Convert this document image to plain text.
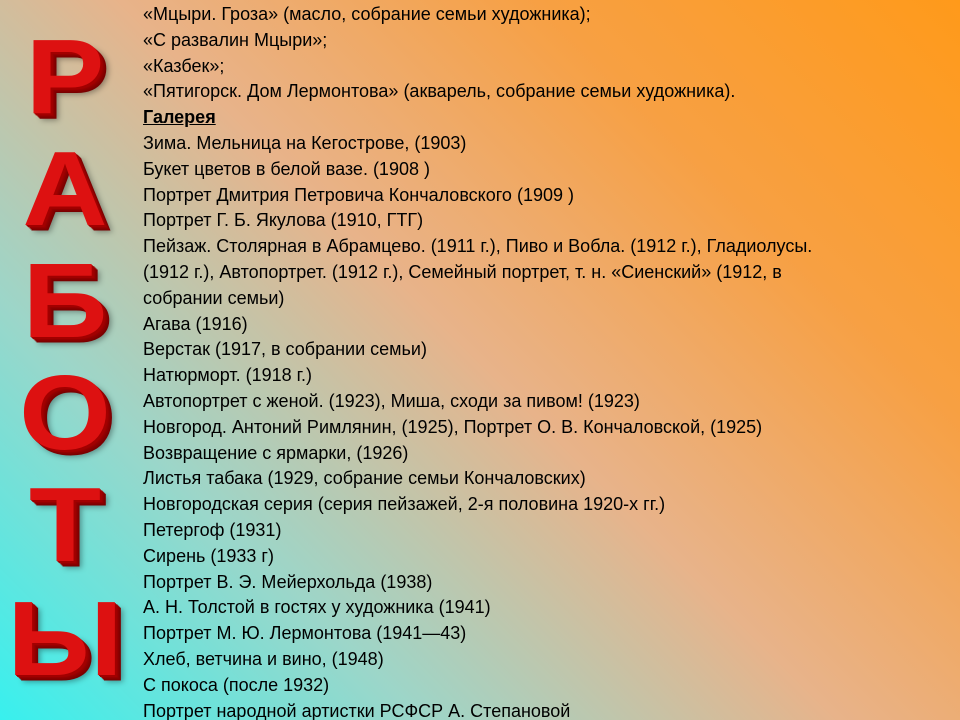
Р
А
Б
О
Т
Ы
«Мцыри. Гроза» (масло, собрание семьи художника);
«С развалин Мцыри»;
«Казбек»;
«Пятигорск. Дом Лермонтова» (акварель, собрание семьи художника).
Галерея
Зима. Мельница на Кегострове, (1903)
Букет цветов в белой вазе. (1908 )
Портрет Дмитрия Петровича Кончаловского (1909 )
Портрет Г. Б. Якулова (1910, ГТГ)
Пейзаж. Столярная в Абрамцево. (1911 г.), Пиво и Вобла. (1912 г.), Гладиолусы.
(1912 г.), Автопортрет. (1912 г.), Семейный портрет, т. н. «Сиенский» (1912, в
собрании семьи)
Агава (1916)
Верстак (1917, в собрании семьи)
Натюрморт. (1918 г.)
Автопортрет с женой. (1923), Миша, сходи за пивом! (1923)
Новгород. Антоний Римлянин, (1925), Портрет О. В. Кончаловской, (1925)
Возвращение с ярмарки, (1926)
Листья табака (1929, собрание семьи Кончаловских)
Новгородская серия (серия пейзажей, 2-я половина 1920-х гг.)
Петергоф (1931)
Сирень (1933 г)
Портрет В. Э. Мейерхольда (1938)
А. Н. Толстой в гостях у художника (1941)
Портрет М. Ю. Лермонтова (1941—43)
Хлеб, ветчина и вино, (1948)
С покоса (после 1932)
Портрет народной артистки РСФСР А. Степановой
